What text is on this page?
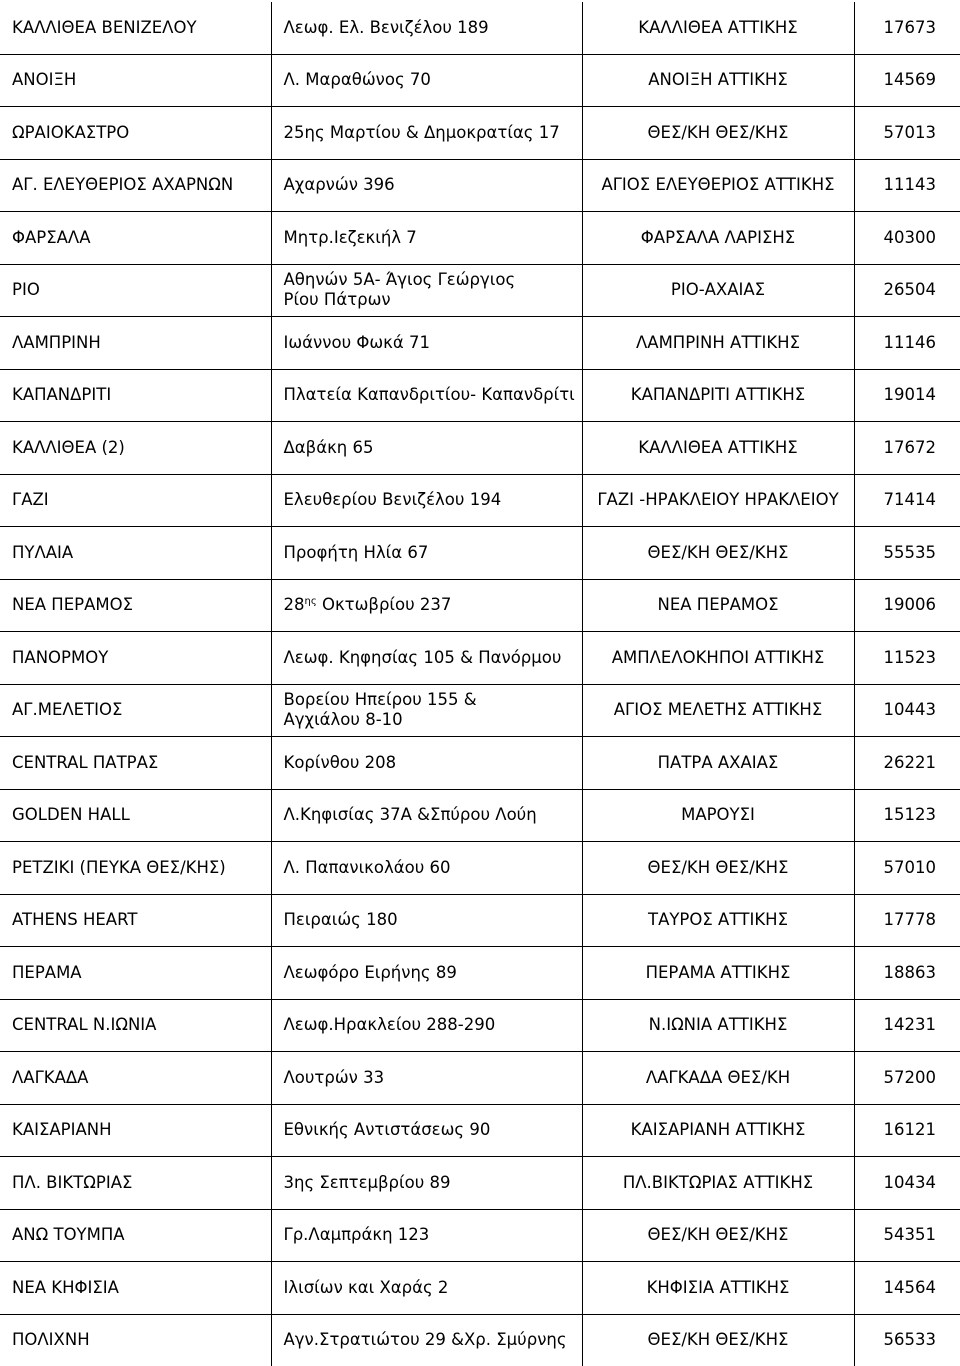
ΚΑΛΛΙΘΕΑ ΒΕΝΙΖΕΛΟΥ	Λεωφ. Ελ. Βενιζέλου 189	ΚΑΛΛΙΘΕΑ ΑΤΤΙΚΗΣ	17673
ΑΝΟΙΞΗ	Λ. Μαραθώνος 70	ΑΝΟΙΞΗ ΑΤΤΙΚΗΣ	14569
ΩΡΑΙΟΚΑΣΤΡΟ	25ης Μαρτίου & Δημοκρατίας 17	ΘΕΣ/ΚΗ ΘΕΣ/ΚΗΣ	57013
ΑΓ. ΕΛΕΥΘΕΡΙΟΣ ΑΧΑΡΝΩΝ	Αχαρνών 396	ΑΓΙΟΣ ΕΛΕΥΘΕΡΙΟΣ ΑΤΤΙΚΗΣ	11143
ΦΑΡΣΑΛΑ	Μητρ.Ιεζεκιήλ 7	ΦΑΡΣΑΛΑ ΛΑΡΙΣΗΣ	40300
ΡΙΟ	Αθηνών 5Α- Άγιος Γεώργιος Ρίου Πάτρων	ΡΙΟ-ΑΧΑΙΑΣ	26504
ΛΑΜΠΡΙΝΗ	Ιωάννου Φωκά 71	ΛΑΜΠΡΙΝΗ ΑΤΤΙΚΗΣ	11146
ΚΑΠΑΝΔΡΙΤΙ	Πλατεία Καπανδριτίου- Καπανδρίτι	ΚΑΠΑΝΔΡΙΤΙ ΑΤΤΙΚΗΣ	19014
ΚΑΛΛΙΘΕΑ (2)	Δαβάκη 65	ΚΑΛΛΙΘΕΑ ΑΤΤΙΚΗΣ	17672
ΓΑΖΙ	Ελευθερίου Βενιζέλου 194	ΓΑΖΙ -ΗΡΑΚΛΕΙΟΥ ΗΡΑΚΛΕΙΟΥ	71414
ΠΥΛΑΙΑ	Προφήτη Ηλία 67	ΘΕΣ/ΚΗ ΘΕΣ/ΚΗΣ	55535
ΝΕΑ ΠΕΡΑΜΟΣ	$28^{\eta\varsigma}$ Οκτωβρίου 237	ΝΕΑ ΠΕΡΑΜΟΣ	19006
ΠΑΝΟΡΜΟΥ	Λεωφ. Κηφησίας 105 & Πανόρμου	ΑΜΠΛΕΛΟΚΗΠΟΙ ΑΤΤΙΚΗΣ	11523
ΑΓ.ΜΕΛΕΤΙΟΣ	Βορείου Ηπείρου 155 & Αγχιάλου 8-10	ΑΓΙΟΣ ΜΕΛΕΤΗΣ ΑΤΤΙΚΗΣ	10443
CENTRAL ΠΑΤΡΑΣ	Κορίνθου 208	ΠΑΤΡΑ ΑΧΑΙΑΣ	26221
GOLDEN HALL	Λ.Κηφισίας 37Α &Σπύρου Λούη	ΜΑΡΟΥΣΙ	15123
ΡΕΤΖΙΚΙ (ΠΕΥΚΑ ΘΕΣ/ΚΗΣ)	Λ. Παπανικολάου 60	ΘΕΣ/ΚΗ ΘΕΣ/ΚΗΣ	57010
ATHENS HEART	Πειραιώς 180	ΤΑΥΡΟΣ ΑΤΤΙΚΗΣ	17778
ΠΕΡΑΜΑ	Λεωφόρο Ειρήνης 89	ΠΕΡΑΜΑ ΑΤΤΙΚΗΣ	18863
CENTRAL Ν.ΙΩΝΙΑ	Λεωφ.Ηρακλείου 288-290	Ν.ΙΩΝΙΑ ΑΤΤΙΚΗΣ	14231
ΛΑΓΚΑΔΑ	Λουτρών 33	ΛΑΓΚΑΔΑ ΘΕΣ/ΚΗ	57200
ΚΑΙΣΑΡΙΑΝΗ	Εθνικής Αντιστάσεως 90	ΚΑΙΣΑΡΙΑΝΗ ΑΤΤΙΚΗΣ	16121
ΠΛ. ΒΙΚΤΩΡΙΑΣ	3ης Σεπτεμβρίου 89	ΠΛ.ΒΙΚΤΩΡΙΑΣ ΑΤΤΙΚΗΣ	10434
ΑΝΩ ΤΟΥΜΠΑ	Γρ.Λαμπράκη 123	ΘΕΣ/ΚΗ ΘΕΣ/ΚΗΣ	54351
ΝΕΑ ΚΗΦΙΣΙΑ	Ιλισίων και Χαράς 2	ΚΗΦΙΣΙΑ ΑΤΤΙΚΗΣ	14564
ΠΟΛΙΧΝΗ	Αγν.Στρατιώτου 29 &Χρ. Σμύρνης	ΘΕΣ/ΚΗ ΘΕΣ/ΚΗΣ	56533
